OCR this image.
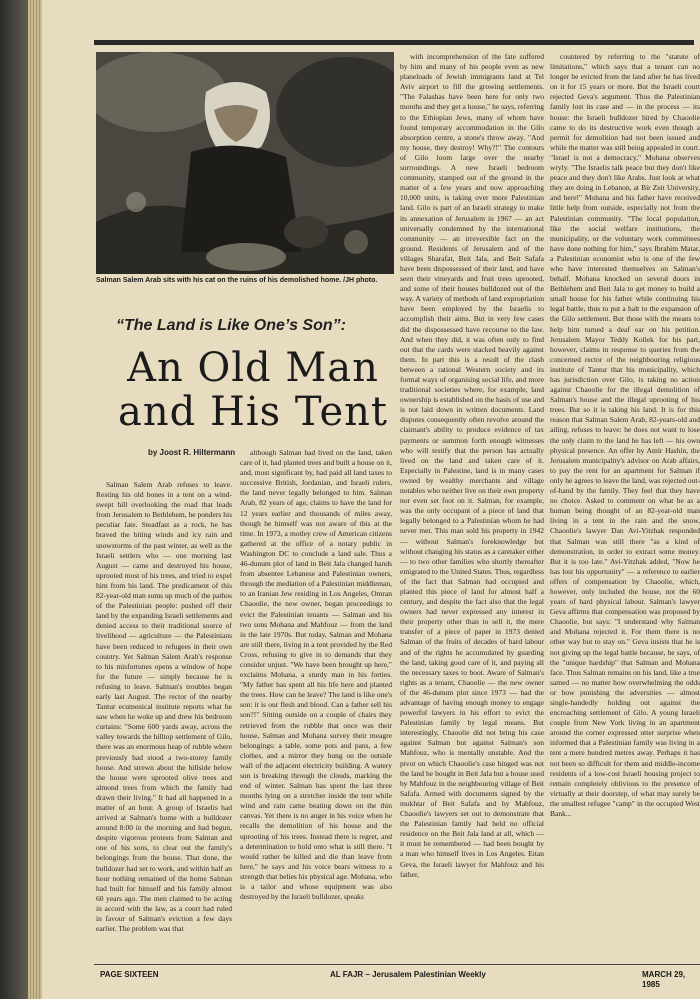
Salman Salem Arab sits with his cat on the ruins of his demolished home. /JH photo.
“The Land is Like One’s Son”:
An Old Man
and His Tent
by Joost R. Hiltermann

Salman Salem Arab refuses to leave. Resting his old bones in a tent on a wind-swept hill overlooking the road that leads from Jerusalem to Bethlehem, he ponders his peculiar fate. Steadfast as a rock, he has braved the biting winds and icy rain and snowstorms of the past winter, as well as the Israeli settlers who — one morning last August — came and destroyed his house, uprooted most of his trees, and tried to expel him from his land. The predicament of this 82-year-old man sums up much of the pathos of the Palestinian people: pushed off their land by the expanding Israeli settlements and denied access to their traditional source of livelihood — agriculture — the Palestinians have been reduced to refugees in their own country. Yet Salman Salem Arab's response to his misfortunes opens a window of hope for the future — simply because he is refusing to leave. Salman's troubles began early last August. The rector of the nearby Tantur ecumenical institute reports what he saw when he woke up and drew his bedroom curtains: "Some 600 yards away, across the valley towards the hilltop settlement of Gilo, there was an enormous heap of rubble where previously had stood a two-storey family house. And strewn about the hillside below the house were uprooted olive trees and almond trees from which the family had drawn their living." It had all happened in a matter of an hour. A group of Israelis had arrived at Salman's home with a bulldozer around 8:00 in the morning and had begun, despite vigorous protests from Salman and one of his sons, to clear out the family's belongings from the house. That done, the bulldozer had set to work, and within half an hour nothing remained of the home Salman had built for himself and his family almost 60 years ago. The men claimed to be acting in accord with the law, as a court had ruled in favour of Salman's eviction a few days earlier. The problem was that

although Salman had lived on the land, taken care of it, had planted trees and built a house on it, and, most significant by, had paid all land taxes to successive British, Jordanian, and Israeli rulers, the land never legally belonged to him. Salman Arab, 82 years of age, claims to have the land for 12 years earlier and thousands of miles away, though he himself was not aware of this at the time. In 1973, a motley crew of American citizens gathered at the office of a notary public in Washington DC to conclude a land sale. Thus a 46-dunum plot of land in Beit Jala changed hands from absentee Lebanese and Palestinian owners, through the mediation of a Palestinian middleman, to an Iranian Jew residing in Los Angeles, Omran Chaoolie, the new owner, began proceedings to evict the Palestinian tenants — Salman and his two sons Mohana and Mahfouz — from the land in the late 1970s. But today, Salman and Mohana are still there, living in a tent provided by the Red Cross, refusing to give in to demands that they consider unjust. "We have been brought up here," exclaims Mohana, a sturdy man in his forties. "My father has spent all his life here and planted the trees. How can he leave? The land is like one's son: it is our flesh and blood. Can a father sell his son?!" Sitting outside on a couple of chairs they retrieved from the rubble that once was their house, Salman and Mohana survey their meagre belongings: a table, some pots and pans, a few clothes, and a mirror they hung on the outside wall of the adjacent electricity building. A watery sun is breaking through the clouds, marking the end of winter. Salman has spent the last three months lying on a stretcher inside the tent while wind and rain came beating down on the thin canvas. Yet there is no anger in his voice when he recalls the demolition of his house and the uprooting of his trees. Instead there is regret, and a determination to hold onto what is still there. "I would rather be killed and die than leave from here," he says and his voice bears witness to a strength that belies his physical age. Mohana, who is a tailor and whose equipment was also destroyed by the Israeli bulldozer, speaks

with incomprehension of the fate suffered by him and many of his people even as new planeloads of Jewish immigrants land at Tel Aviv airport to fill the growing settlements. "The Falashas have been here for only two months and they get a house," he says, referring to the Ethiopian Jews, many of whom have found temporary accommodation in the Gilo absorption centre, a stone's throw away. "And my house, they destroy! Why?!" The contours of Gilo loom large over the nearby surroundings. A new Israeli bedroom community, stamped out of the ground in the matter of a few years and now approaching 10,000 units, is taking over more Palestinian land. Gilo is part of an Israeli strategy to make its annexation of Jerusalem in 1967 — an act universally condemned by the international community — an irreversible fact on the ground. Residents of Jerusalem and of the villages Sharafat, Beit Jala, and Beit Safafa have been dispossessed of their land, and have seen their vineyards and fruit trees uprooted, and some of their houses bulldozed out of the way. A variety of methods of land expropriation have been employed by the Israelis to accomplish their aims. But in very few cases did the dispossessed have recourse to the law. And when they did, it was often only to find out that the cards were stacked heavily against them. In part this is a result of the clash between a rational Western society and its formal ways of organising social life, and more traditional societies where, for example, land ownership is established on the basis of use and is not laid down in written documents. Land disputes consequently often revolve around the claimant's ability to produce evidence of tax payments or summon forth enough witnesses who will testify that the person has actually lived on the land and taken care of it. Especially in Palestine, land is in many cases owned by wealthy merchants and village notables who neither live on their own property nor even set foot on it. Salman, for example, was the only occupant of a piece of land that legally belonged to a Palestinian whom he had never met. This man sold his property in 1942 — without Salman's foreknowledge but without changing his status as a caretaker either — to two other families who shortly thereafter emigrated to the United States. Thus, regardless of the fact that Salman had occupied and planted this piece of land for almost half a century, and despite the fact also that the legal owners had never expressed any interest in their property other than to sell it, the mere transfer of a piece of paper in 1973 denied Salman of the fruits of decades of hard labour and of the rights he accumulated by guarding the land, taking good care of it, and paying all the necessary taxes to boot. Aware of Salman's rights as a tenant, Chaoolie — the new owner of the 46-dunum plot since 1973 — had the advantage of having enough money to engage powerful lawyers in his effort to evict the Palestinian family by legal means. But interestingly, Chaoolie did not bring his case against Salman but against Salman's son Mahfouz, who is mentally unstable. And the pivot on which Chaoolie's case hinged was not the land he bought in Beit Jala but a house used by Mahfouz in the neighbouring village of Beit Safafa. Armed with documents signed by the mukhtar of Beit Safafa and by Mahfouz, Chaoolie's lawyers set out to demonstrate that the Palestinian family had held no official residence on the Beit Jala land at all, which — it must be remembered — had been bought by a man who himself lives in Los Angeles. Eitan Geva, the Israeli lawyer for Mahfouz and his father,

countered by referring to the "statute of limitations," which says that a tenant can no longer be evicted from the land after he has lived on it for 15 years or more. But the Israeli court rejected Geva's argument. Thus the Palestinian family lost its case and — in the process — its house: the Israeli bulldozer hired by Chaoolie came to do its destructive work even though a permit for demolition had not been issued and while the matter was still being appealed in court. "Israel is not a democracy," Mohana observes wryly. "The Israelis talk peace but they don't like peace and they don't like Arabs. Just look at what they are doing in Lebanon, at Bir Zeit University, and here!" Mohana and his father have received little help from outside, especially not from the Palestinian community. "The local population, like the social welfare institutions, the municipality, or the voluntary work committees have done nothing for him," says Ibrahim Matar, a Palestinian economist who is one of the few who have interested themselves on Salman's behalf. Mohana knocked on several doors in Bethlehem and Beit Jala to get money to build a small house for his father while continuing his legal battle, thus to put a halt to the expansion of the Gilo settlement. But those with the means to help him turned a deaf ear on his petition. Jerusalem Mayor Teddy Kollek for his part, however, claims in response to queries from the concerned rector of the neighbouring religious institute of Tantur that his municipality, which has jurisdiction over Gilo, is taking no action against Chaoolie for the illegal demolition of Salman's house and the illegal uprooting of his trees. But so it is taking his land. It is for this reason that Salman Salem Arab, 82-years-old and ailing, refuses to leave: he does not want to lose the only claim to the land he has left — his own physical presence. An offer by Amir Hashin, the Jerusalem municipality's advisor on Arab affairs, to pay the rent for an apartment for Salman if only he agrees to leave the land, was rejected out-of-hand by the family. They feel that they have no choice. Asked to comment on what he as a human being thought of an 82-year-old man living in a tent in the rain and the snow, Chaoolie's lawyer Dan Avi-Yitzhak responded that Salman was still there "as a kind of demonstration, in order to extract some money. But it is too late." Avi-Yitzhak added, "Now he has lost his opportunity" — a reference to earlier offers of compensation by Chaoolie, which, however, only included the house, not the 60 years of hard physical labour. Salman's lawyer Geva affirms that compensation was proposed by Chaoolie, but says: "I understand why Salman and Mohana rejected it. For them there is no other way but to stay on." Geva insists that he is not giving up the legal battle because, he says, of the "unique hardship" that Salman and Mohana face. Thus Salman remains on his land, like a true samed — no matter how overwhelming the odds or how punishing the adversities — almost single-handedly holding out against the encroaching settlement of Gilo. A young Israeli couple from New York living in an apartment around the corner expressed utter surprise when informed that a Palestinian family was living in a tent a mere hundred metres away. Perhaps it has not been so difficult for them and middle-income residents of a low-cost Israeli housing project to remain completely oblivious to the presence of virtually at their doorstep, of what may surely be the smallest refugee "camp" in the occupied West Bank...

PAGE SIXTEEN	AL FAJR – Jerusalem Palestinian Weekly	MARCH 29, 1985
